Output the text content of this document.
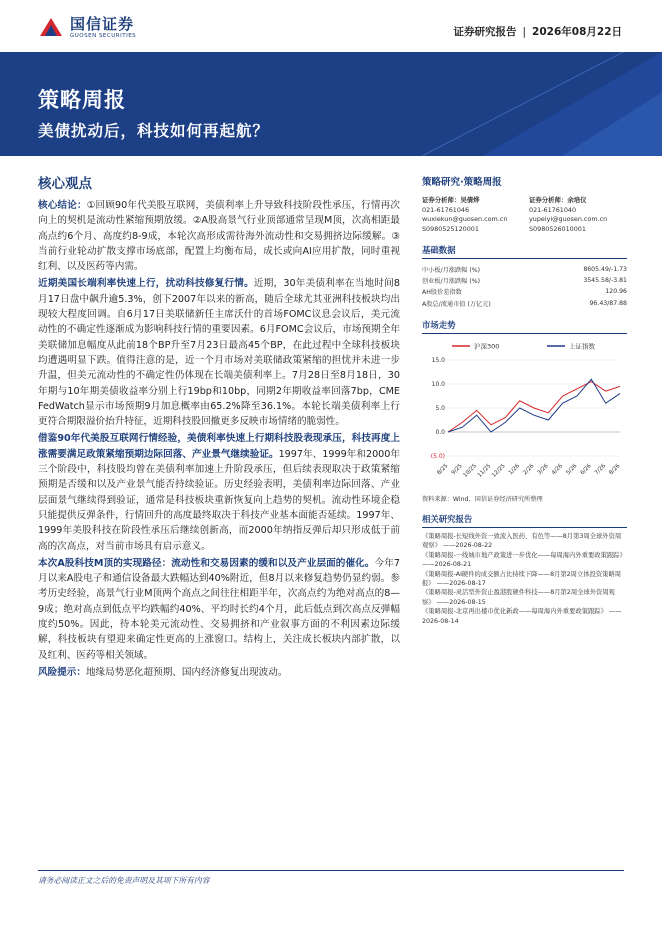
国信证券
GUOSEN SECURITIES	证券研究报告 | 2026年08月22日
策略周报
美债扰动后，科技如何再起航？
核心观点
核心结论：①回顾90年代美股互联网，美债利率上升导致科技阶段性承压，行情再次向上的契机是流动性紧缩预期放缓。②A股高景气行业顶部通常呈现M顶，次高相距最高点约6个月、高度约8-9成，本轮次高形成需待海外流动性和交易拥挤边际缓解。③当前行业轮动扩散支撑市场底部，配置上均衡布局，成长或向AI应用扩散，同时重视红利、以及医药等内需。
近期美国长端利率快速上行，扰动科技修复行情。近期，30年美债利率在当地时间8月17日盘中飙升逾5.3%，创下2007年以来的新高，随后全球尤其亚洲科技板块均出现较大程度回调。自6月17日美联储新任主席沃什的首场FOMC议息会议后，美元流动性的不确定性逐渐成为影响科技行情的重要因素。6月FOMC会议后，市场预期全年美联储加息幅度从此前18个BP升至7月23日最高45个BP，在此过程中全球科技板块均遭遇明显下跌。值得注意的是，近一个月市场对美联储政策紧缩的担忧并未进一步升温，但美元流动性的不确定性仍体现在长端美债利率上。7月28日至8月18日，30年期与10年期美债收益率分别上行19bp和10bp，同期2年期收益率回落7bp，CME FedWatch显示市场预期9月加息概率由65.2%降至36.1%。本轮长端美债利率上行更符合期限溢价抬升特征，近期科技股回撤更多反映市场情绪的脆弱性。
借鉴90年代美股互联网行情经验，美债利率快速上行期科技股表现承压，科技再度上涨需要满足政策紧缩预期边际回落、产业景气继续验证。1997年、1999年和2000年三个阶段中，科技股均曾在美债利率加速上升阶段承压，但后续表现取决于政策紧缩预期是否缓和以及产业景气能否持续验证。历史经验表明，美债利率边际回落、产业层面景气继续得到验证，通常是科技板块重新恢复向上趋势的契机。流动性环境企稳只能提供反弹条件，行情回升的高度最终取决于科技产业基本面能否延续。1997年、1999年美股科技在阶段性承压后继续创新高，而2000年纳指反弹后却只形成低于前高的次高点，对当前市场具有启示意义。
本次A股科技M顶的实现路径：流动性和交易因素的缓和以及产业层面的催化。今年7月以来A股电子和通信设备最大跌幅达到40%附近，但8月以来修复趋势仍显约弱。参考历史经验，高景气行业M顶两个高点之间往往相距半年，次高点约为绝对高点的8—9成；绝对高点到低点平均跌幅约40%、平均时长约4个月，此后低点到次高点反弹幅度约50%。因此，待本轮美元流动性、交易拥挤和产业叙事方面的不利因素边际缓解，科技板块有望迎来确定性更高的上涨窗口。结构上，关注成长板块内部扩散，以及红利、医药等相关领域。
风险提示：地缘局势恶化超预期、国内经济修复出现波动。
策略研究·策略周报
证券分析师：吴倩烨
021-61761046
wuxiekun@guosen.com.cn
S0980525120001
证券分析师：余培仪
021-61761040
yupeiyi@guosen.com.cn
S0980526010001
基础数据
中小板/月涨跌幅 (%)	8605.49/-1.73
创业板/月涨跌幅 (%)	3545.58/-3.81
AH股价差指数	120.96
A股总/流通市值 (万亿元)	96.43/87.88
市场走势
沪深300	上证指数
15.0
10.0
5.0
0.0
(5.0)
8/25 9/25
10/25
11/25
12/25 1/26 2/26 3/26 4/26 5/26 6/26 7/26 8/26
资料来源：Wind、国信证券经济研究所整理
相关研究报告
《策略周报-长短线外资一致流入医药、有色等——8月第3周全球外资周观察》 ——2026-08-22
《策略周报-一线城市地产政策进一步优化——每周海内外重要政策跟踪》 ——2026-08-21
《策略周报-AI硬件的成交额占比持续下降——8月第2周立体投资策略周报》 ——2026-08-17
《策略周报-灵活型外资止盈港股硬件科技——8月第2周全球外资周观察》 ——2026-08-15
《策略周报-北京再出楼市优化新政——每周海内外重要政策跟踪》 ——2026-08-14
请务必阅读正文之后的免责声明及其项下所有内容
